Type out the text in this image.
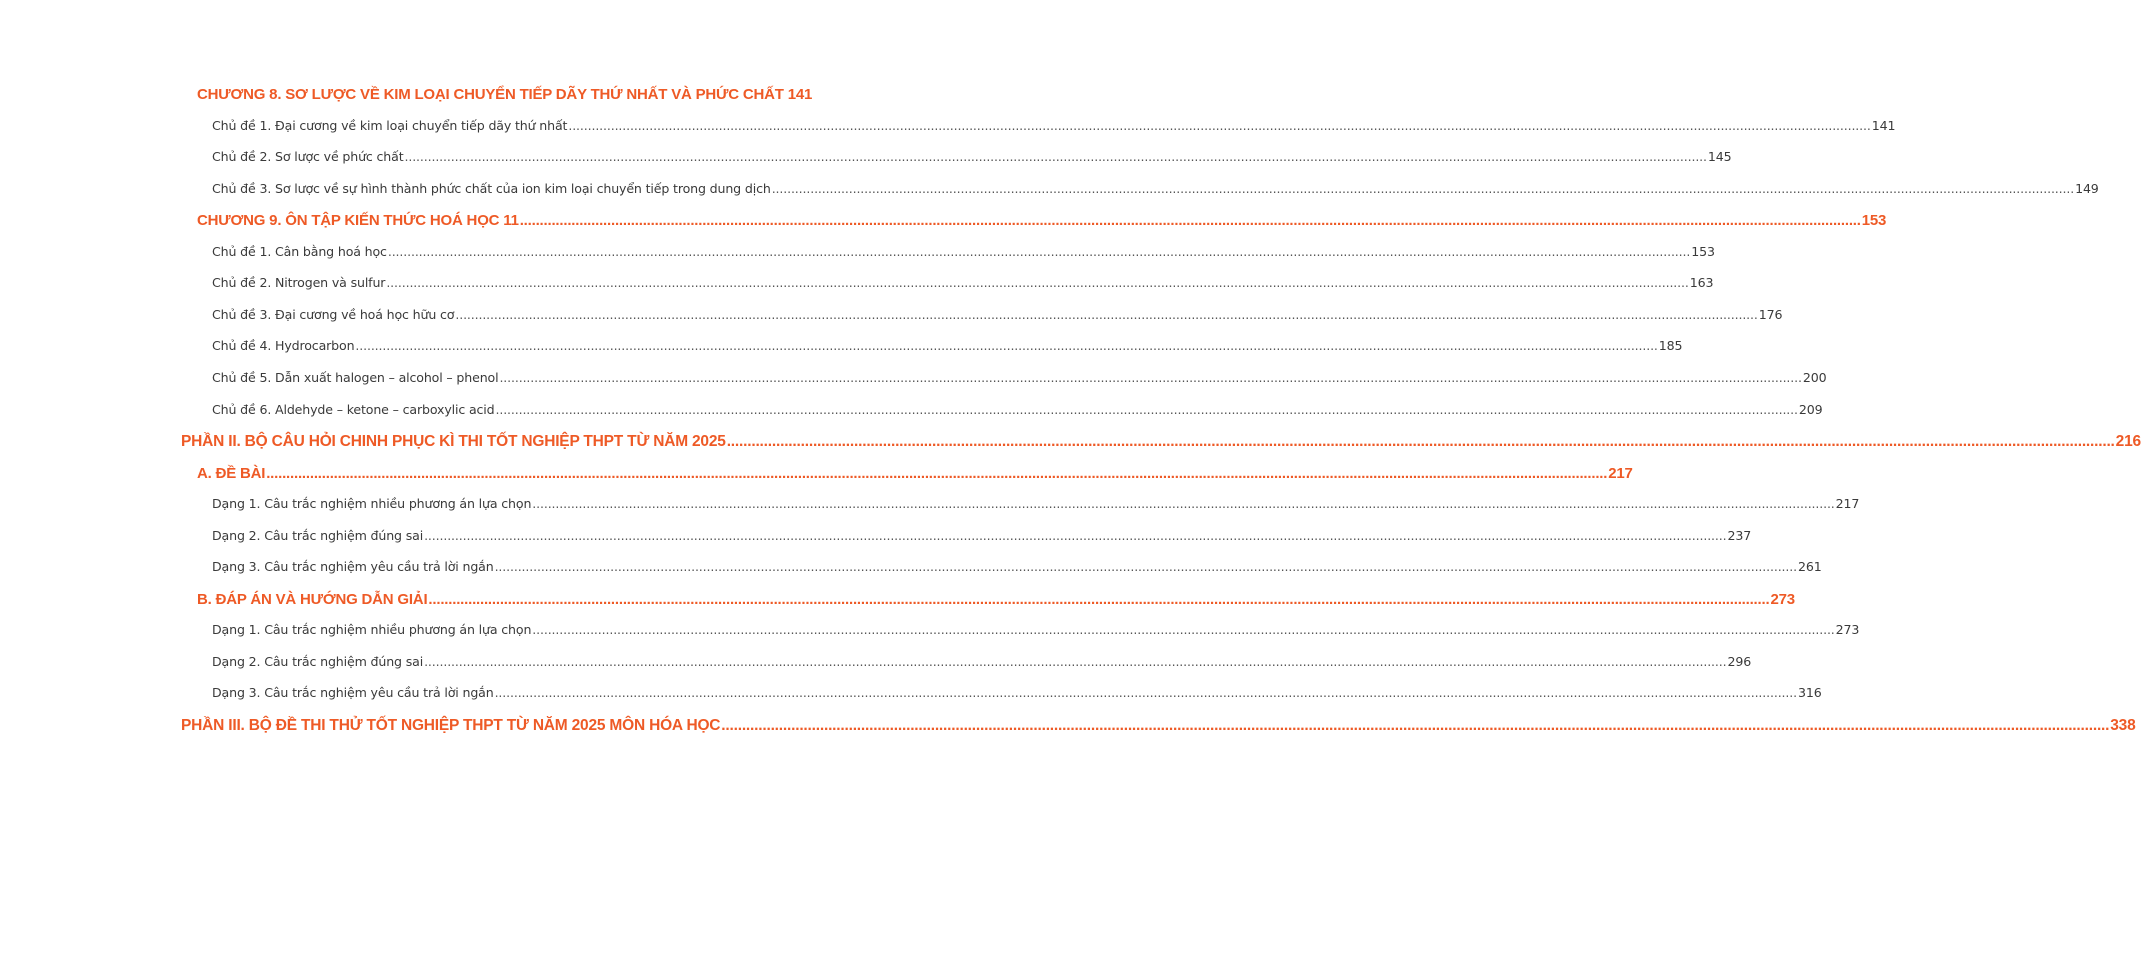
CHƯƠNG 8. SƠ LƯỢC VỀ KIM LOẠI CHUYỂN TIẾP DÃY THỨ NHẤT VÀ PHỨC CHẤT 141
Chủ đề 1. Đại cương về kim loại chuyển tiếp dãy thứ nhất .....	141
Chủ đề 2. Sơ lược về phức chất .....	145
Chủ đề 3. Sơ lược về sự hình thành phức chất của ion kim loại chuyển tiếp trong dung dịch .....	149
CHƯƠNG 9. ÔN TẬP KIẾN THỨC HOÁ HỌC 11 .....	153
Chủ đề 1. Cân bằng hoá học .....	153
Chủ đề 2. Nitrogen và sulfur .....	163
Chủ đề 3. Đại cương về hoá học hữu cơ .....	176
Chủ đề 4. Hydrocarbon .....	185
Chủ đề 5. Dẫn xuất halogen – alcohol – phenol .....	200
Chủ đề 6. Aldehyde – ketone – carboxylic acid .....	209
PHẦN II. BỘ CÂU HỎI CHINH PHỤC KÌ THI TỐT NGHIỆP THPT TỪ NĂM 2025 .....	216
A. ĐỀ BÀI .....	217
Dạng 1. Câu trắc nghiệm nhiều phương án lựa chọn .....	217
Dạng 2. Câu trắc nghiệm đúng sai .....	237
Dạng 3. Câu trắc nghiệm yêu cầu trả lời ngắn .....	261
B. ĐÁP ÁN VÀ HƯỚNG DẪN GIẢI .....	273
Dạng 1. Câu trắc nghiệm nhiều phương án lựa chọn .....	273
Dạng 2. Câu trắc nghiệm đúng sai .....	296
Dạng 3. Câu trắc nghiệm yêu cầu trả lời ngắn .....	316
PHẦN III. BỘ ĐỀ THI THỬ TỐT NGHIỆP THPT TỪ NĂM 2025 MÔN HÓA HỌC .....	338
